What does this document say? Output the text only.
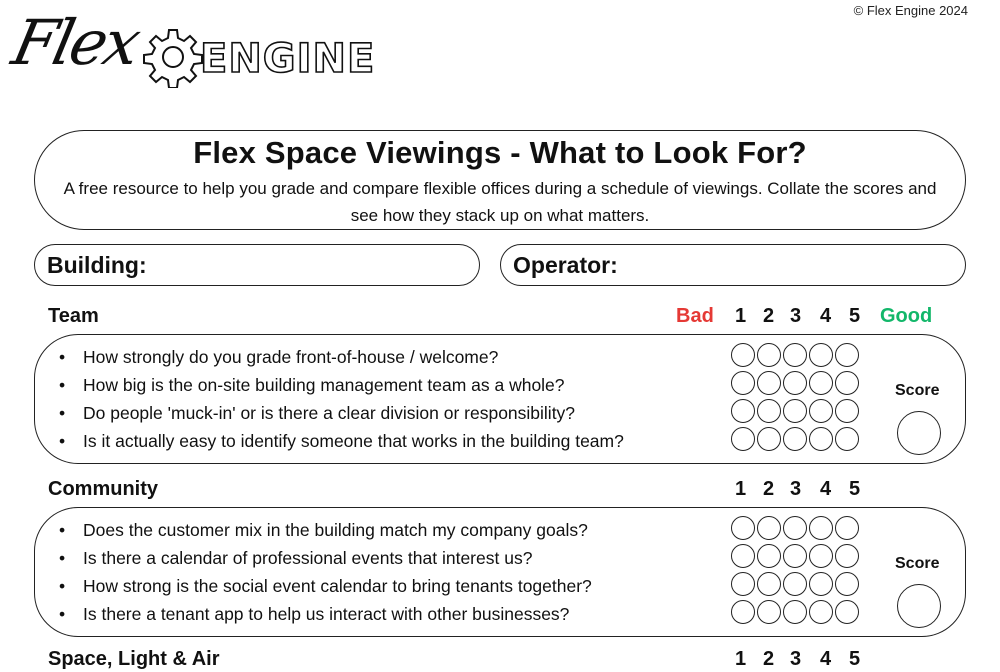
© Flex Engine 2024
Flex ENGINE
Flex Space Viewings - What to Look For?
A free resource to help you grade and compare flexible offices during a schedule of viewings. Collate the scores and see how they stack up on what matters.
Building:	Operator:
Team	Bad 1 2 3 4 5 Good
• How strongly do you grade front-of-house / welcome?
• How big is the on-site building management team as a whole?
• Do people 'muck-in' or is there a clear division or responsibility?
• Is it actually easy to identify someone that works in the building team?
Score
Community	1 2 3 4 5
• Does the customer mix in the building match my company goals?
• Is there a calendar of professional events that interest us?
• How strong is the social event calendar to bring tenants together?
• Is there a tenant app to help us interact with other businesses?
Score
Space, Light & Air	1 2 3 4 5
